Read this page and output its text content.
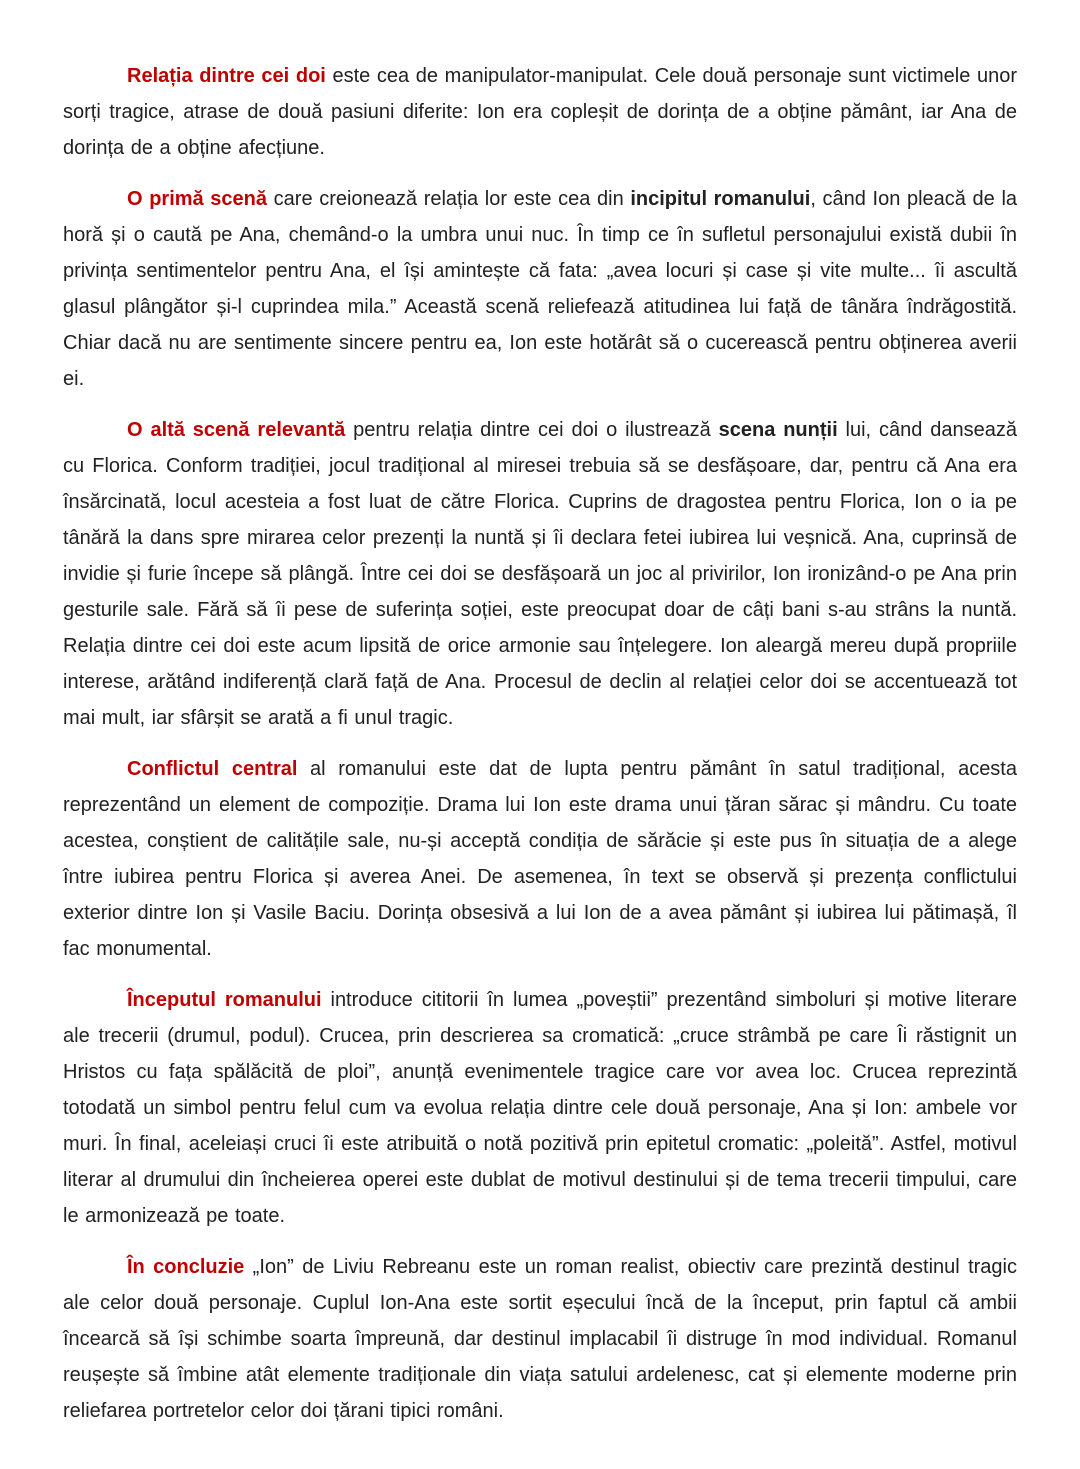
Relația dintre cei doi este cea de manipulator-manipulat. Cele două personaje sunt victimele unor sorți tragice, atrase de două pasiuni diferite: Ion era copleșit de dorința de a obține pământ, iar Ana de dorința de a obține afecțiune.

O primă scenă care creionează relația lor este cea din incipitul romanului, când Ion pleacă de la horă și o caută pe Ana, chemând-o la umbra unui nuc. În timp ce în sufletul personajului există dubii în privința sentimentelor pentru Ana, el își amintește că fata: „avea locuri și case și vite multe... îi ascultă glasul plângător și-l cuprindea mila.” Această scenă reliefează atitudinea lui față de tânăra îndrăgostită. Chiar dacă nu are sentimente sincere pentru ea, Ion este hotărât să o cucerească pentru obținerea averii ei.

O altă scenă relevantă pentru relația dintre cei doi o ilustrează scena nunții lui, când dansează cu Florica. Conform tradiției, jocul tradițional al miresei trebuia să se desfășoare, dar, pentru că Ana era însărcinată, locul acesteia a fost luat de către Florica. Cuprins de dragostea pentru Florica, Ion o ia pe tânără la dans spre mirarea celor prezenți la nuntă și îi declara fetei iubirea lui veșnică. Ana, cuprinsă de invidie și furie începe să plângă. Între cei doi se desfășoară un joc al privirilor, Ion ironizând-o pe Ana prin gesturile sale. Fără să îi pese de suferința soției, este preocupat doar de câți bani s-au strâns la nuntă. Relația dintre cei doi este acum lipsită de orice armonie sau înțelegere. Ion aleargă mereu după propriile interese, arătând indiferență clară față de Ana. Procesul de declin al relației celor doi se accentuează tot mai mult, iar sfârșit se arată a fi unul tragic.

Conflictul central al romanului este dat de lupta pentru pământ în satul tradițional, acesta reprezentând un element de compoziție. Drama lui Ion este drama unui țăran sărac și mândru. Cu toate acestea, conștient de calitățile sale, nu-și acceptă condiția de sărăcie și este pus în situația de a alege între iubirea pentru Florica și averea Anei. De asemenea, în text se observă și prezența conflictului exterior dintre Ion și Vasile Baciu. Dorința obsesivă a lui Ion de a avea pământ și iubirea lui pătimașă, îl fac monumental.

Începutul romanului introduce cititorii în lumea „poveștii” prezentând simboluri și motive literare ale trecerii (drumul, podul). Crucea, prin descrierea sa cromatică: „cruce strâmbă pe care Îi răstignit un Hristos cu fața spălăcită de ploi”, anunță evenimentele tragice care vor avea loc. Crucea reprezintă totodată un simbol pentru felul cum va evolua relația dintre cele două personaje, Ana și Ion: ambele vor muri. În final, aceleiași cruci îi este atribuită o notă pozitivă prin epitetul cromatic: „poleită”. Astfel, motivul literar al drumului din încheierea operei este dublat de motivul destinului și de tema trecerii timpului, care le armonizează pe toate.

În concluzie „Ion” de Liviu Rebreanu este un roman realist, obiectiv care prezintă destinul tragic ale celor două personaje. Cuplul Ion-Ana este sortit eșecului încă de la început, prin faptul că ambii încearcă să își schimbe soarta împreună, dar destinul implacabil îi distruge în mod individual. Romanul reușește să îmbine atât elemente tradiționale din viața satului ardelenesc, cat și elemente moderne prin reliefarea portretelor celor doi țărani tipici români.
